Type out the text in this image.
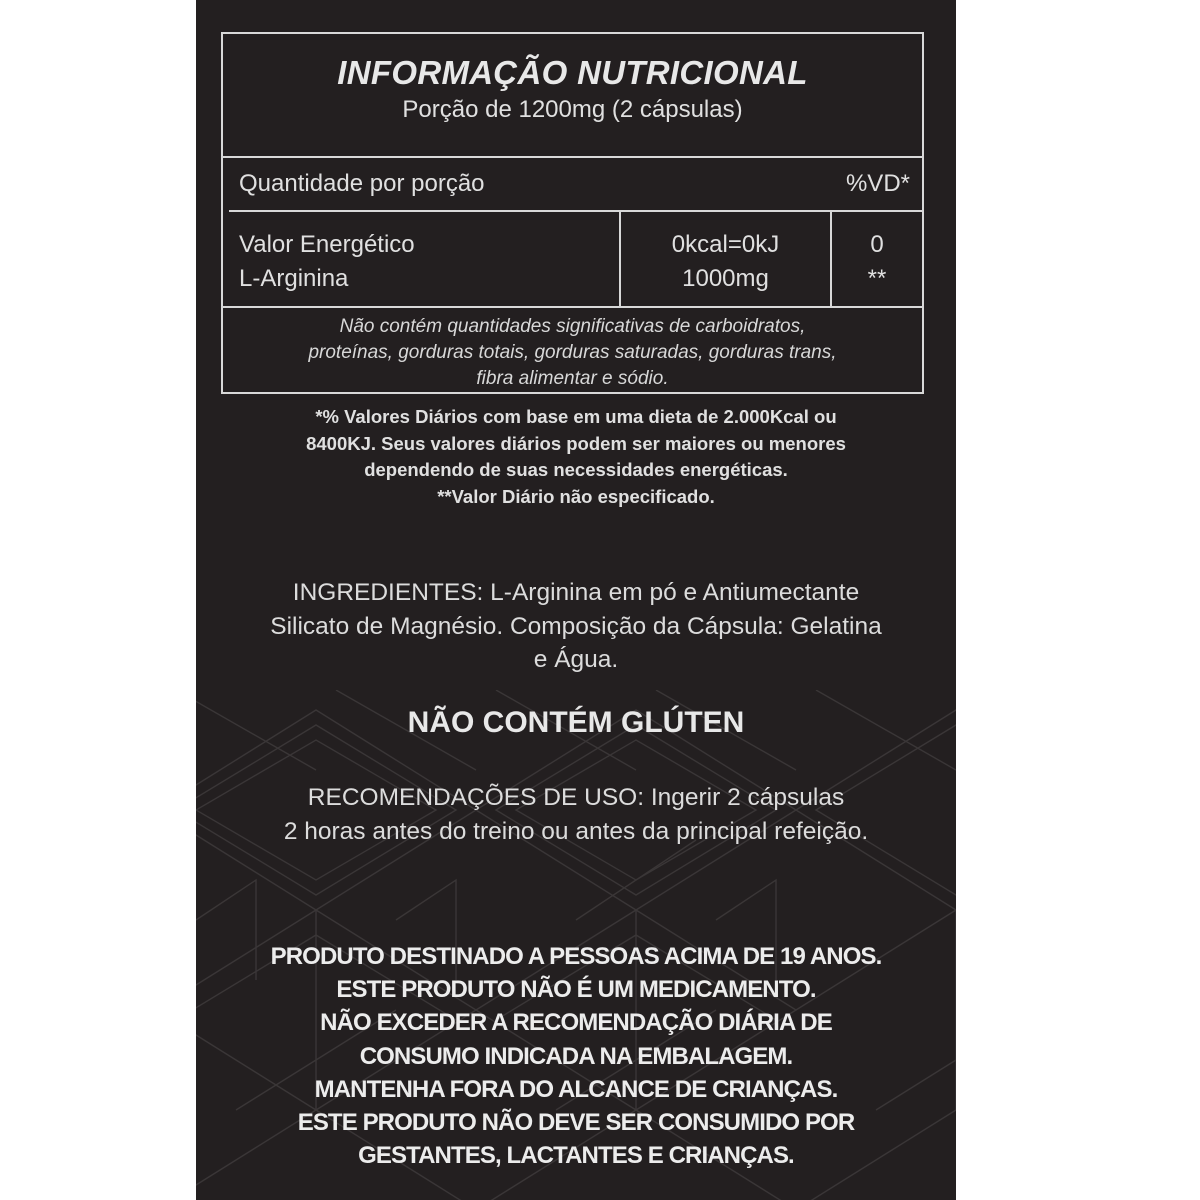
INFORMAÇÃO NUTRICIONAL
Porção de 1200mg (2 cápsulas)
Quantidade por porção	%VD*
Valor Energético
L-Arginina
0kcal=0kJ
1000mg
0
**
Não contém quantidades significativas de carboidratos,
proteínas, gorduras totais, gorduras saturadas, gorduras trans,
fibra alimentar e sódio.
*% Valores Diários com base em uma dieta de 2.000Kcal ou
8400KJ. Seus valores diários podem ser maiores ou menores
dependendo de suas necessidades energéticas.
**Valor Diário não especificado.
INGREDIENTES: L-Arginina em pó e Antiumectante
Silicato de Magnésio. Composição da Cápsula: Gelatina
e Água.
NÃO CONTÉM GLÚTEN
RECOMENDAÇÕES DE USO: Ingerir 2 cápsulas
2 horas antes do treino ou antes da principal refeição.
PRODUTO DESTINADO A PESSOAS ACIMA DE 19 ANOS.
ESTE PRODUTO NÃO É UM MEDICAMENTO.
NÃO EXCEDER A RECOMENDAÇÃO DIÁRIA DE
CONSUMO INDICADA NA EMBALAGEM.
MANTENHA FORA DO ALCANCE DE CRIANÇAS.
ESTE PRODUTO NÃO DEVE SER CONSUMIDO POR
GESTANTES, LACTANTES E CRIANÇAS.
